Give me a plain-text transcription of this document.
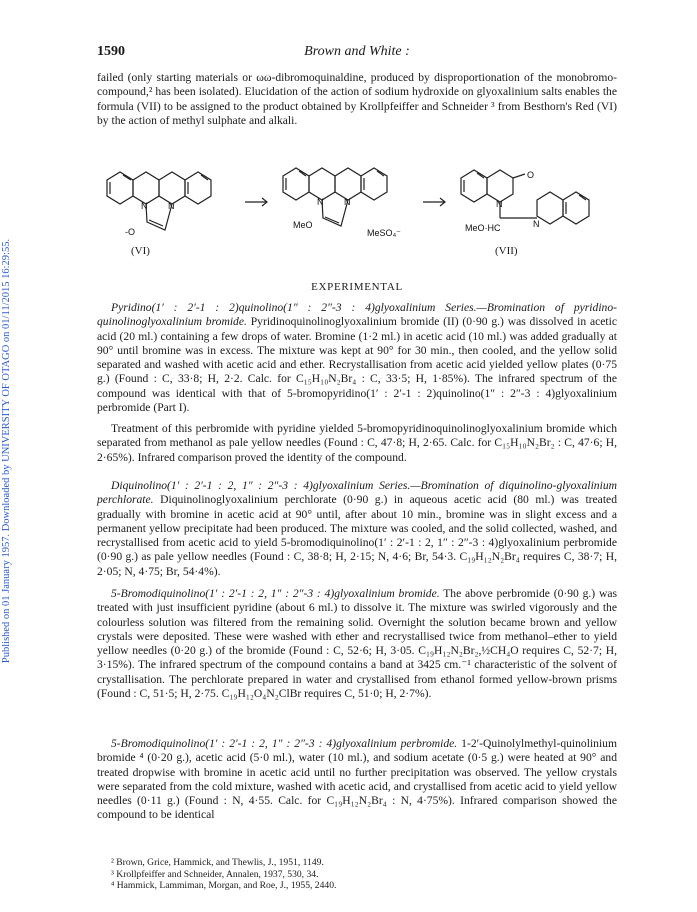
Published on 01 January 1957. Downloaded by UNIVERSITY OF OTAGO on 01/11/2015 16:29:55.
1590	Brown and White :

failed (only starting materials or ωω-dibromoquinaldine, produced by disproportionation of the monobromo-compound,² has been isolated). Elucidation of the action of sodium hydroxide on glyoxalinium salts enables the formula (VII) to be assigned to the product obtained by Krollpfeiffer and Schneider ³ from Besthorn's Red (VI) by the action of methyl sulphate and alkali.

N N
-O
N N
MeO
MeSO₄⁻
O
N
MeO·HC	N
(VI)	(VII)
EXPERIMENTAL

Pyridino(1′ : 2′-1 : 2)quinolino(1″ : 2″-3 : 4)glyoxalinium Series.—Bromination of pyridino-quinolinoglyoxalinium bromide. Pyridinoquinolinoglyoxalinium bromide (II) (0·90 g.) was dissolved in acetic acid (20 ml.) containing a few drops of water. Bromine (1·2 ml.) in acetic acid (10 ml.) was added gradually at 90° until bromine was in excess. The mixture was kept at 90° for 30 min., then cooled, and the yellow solid separated and washed with acetic acid and ether. Recrystallisation from acetic acid yielded yellow plates (0·75 g.) (Found : C, 33·8; H, 2·2. Calc. for C₁₅H₁₀N₂Br₄ : C, 33·5; H, 1·85%). The infrared spectrum of the compound was identical with that of 5-bromopyridino(1′ : 2′-1 : 2)quinolino(1″ : 2″-3 : 4)glyoxalinium perbromide (Part I).

Treatment of this perbromide with pyridine yielded 5-bromopyridinoquinolinoglyoxalinium bromide which separated from methanol as pale yellow needles (Found : C, 47·8; H, 2·65. Calc. for C₁₅H₁₀N₂Br₂ : C, 47·6; H, 2·65%). Infrared comparison proved the identity of the compound.

Diquinolino(1′ : 2′-1 : 2, 1″ : 2″-3 : 4)glyoxalinium Series.—Bromination of diquinolino-glyoxalinium perchlorate. Diquinolinoglyoxalinium perchlorate (0·90 g.) in aqueous acetic acid (80 ml.) was treated gradually with bromine in acetic acid at 90° until, after about 10 min., bromine was in slight excess and a permanent yellow precipitate had been produced. The mixture was cooled, and the solid collected, washed, and recrystallised from acetic acid to yield 5-bromodiquinolino(1′ : 2′-1 : 2, 1″ : 2″-3 : 4)glyoxalinium perbromide (0·90 g.) as pale yellow needles (Found : C, 38·8; H, 2·15; N, 4·6; Br, 54·3. C₁₉H₁₂N₂Br₄ requires C, 38·7; H, 2·05; N, 4·75; Br, 54·4%).

5-Bromodiquinolino(1′ : 2′-1 : 2, 1″ : 2″-3 : 4)glyoxalinium bromide. The above perbromide (0·90 g.) was treated with just insufficient pyridine (about 6 ml.) to dissolve it. The mixture was swirled vigorously and the colourless solution was filtered from the remaining solid. Overnight the solution became brown and yellow crystals were deposited. These were washed with ether and recrystallised twice from methanol–ether to yield yellow needles (0·20 g.) of the bromide (Found : C, 52·6; H, 3·05. C₁₉H₁₂N₂Br₂,½CH₄O requires C, 52·7; H, 3·15%). The infrared spectrum of the compound contains a band at 3425 cm.⁻¹ characteristic of the solvent of crystallisation. The perchlorate prepared in water and crystallised from ethanol formed yellow-brown prisms (Found : C, 51·5; H, 2·75. C₁₉H₁₂O₄N₂ClBr requires C, 51·0; H, 2·7%).

5-Bromodiquinolino(1′ : 2′-1 : 2, 1″ : 2″-3 : 4)glyoxalinium perbromide. 1-2′-Quinolylmethyl-quinolinium bromide ⁴ (0·20 g.), acetic acid (5·0 ml.), water (10 ml.), and sodium acetate (0·5 g.) were heated at 90° and treated dropwise with bromine in acetic acid until no further precipitation was observed. The yellow crystals were separated from the cold mixture, washed with acetic acid, and crystallised from acetic acid to yield yellow needles (0·11 g.) (Found : N, 4·55. Calc. for C₁₉H₁₂N₂Br₄ : N, 4·75%). Infrared comparison showed the compound to be identical

² Brown, Grice, Hammick, and Thewlis, J., 1951, 1149.
³ Krollpfeiffer and Schneider, Annalen, 1937, 530, 34.
⁴ Hammick, Lammiman, Morgan, and Roe, J., 1955, 2440.
